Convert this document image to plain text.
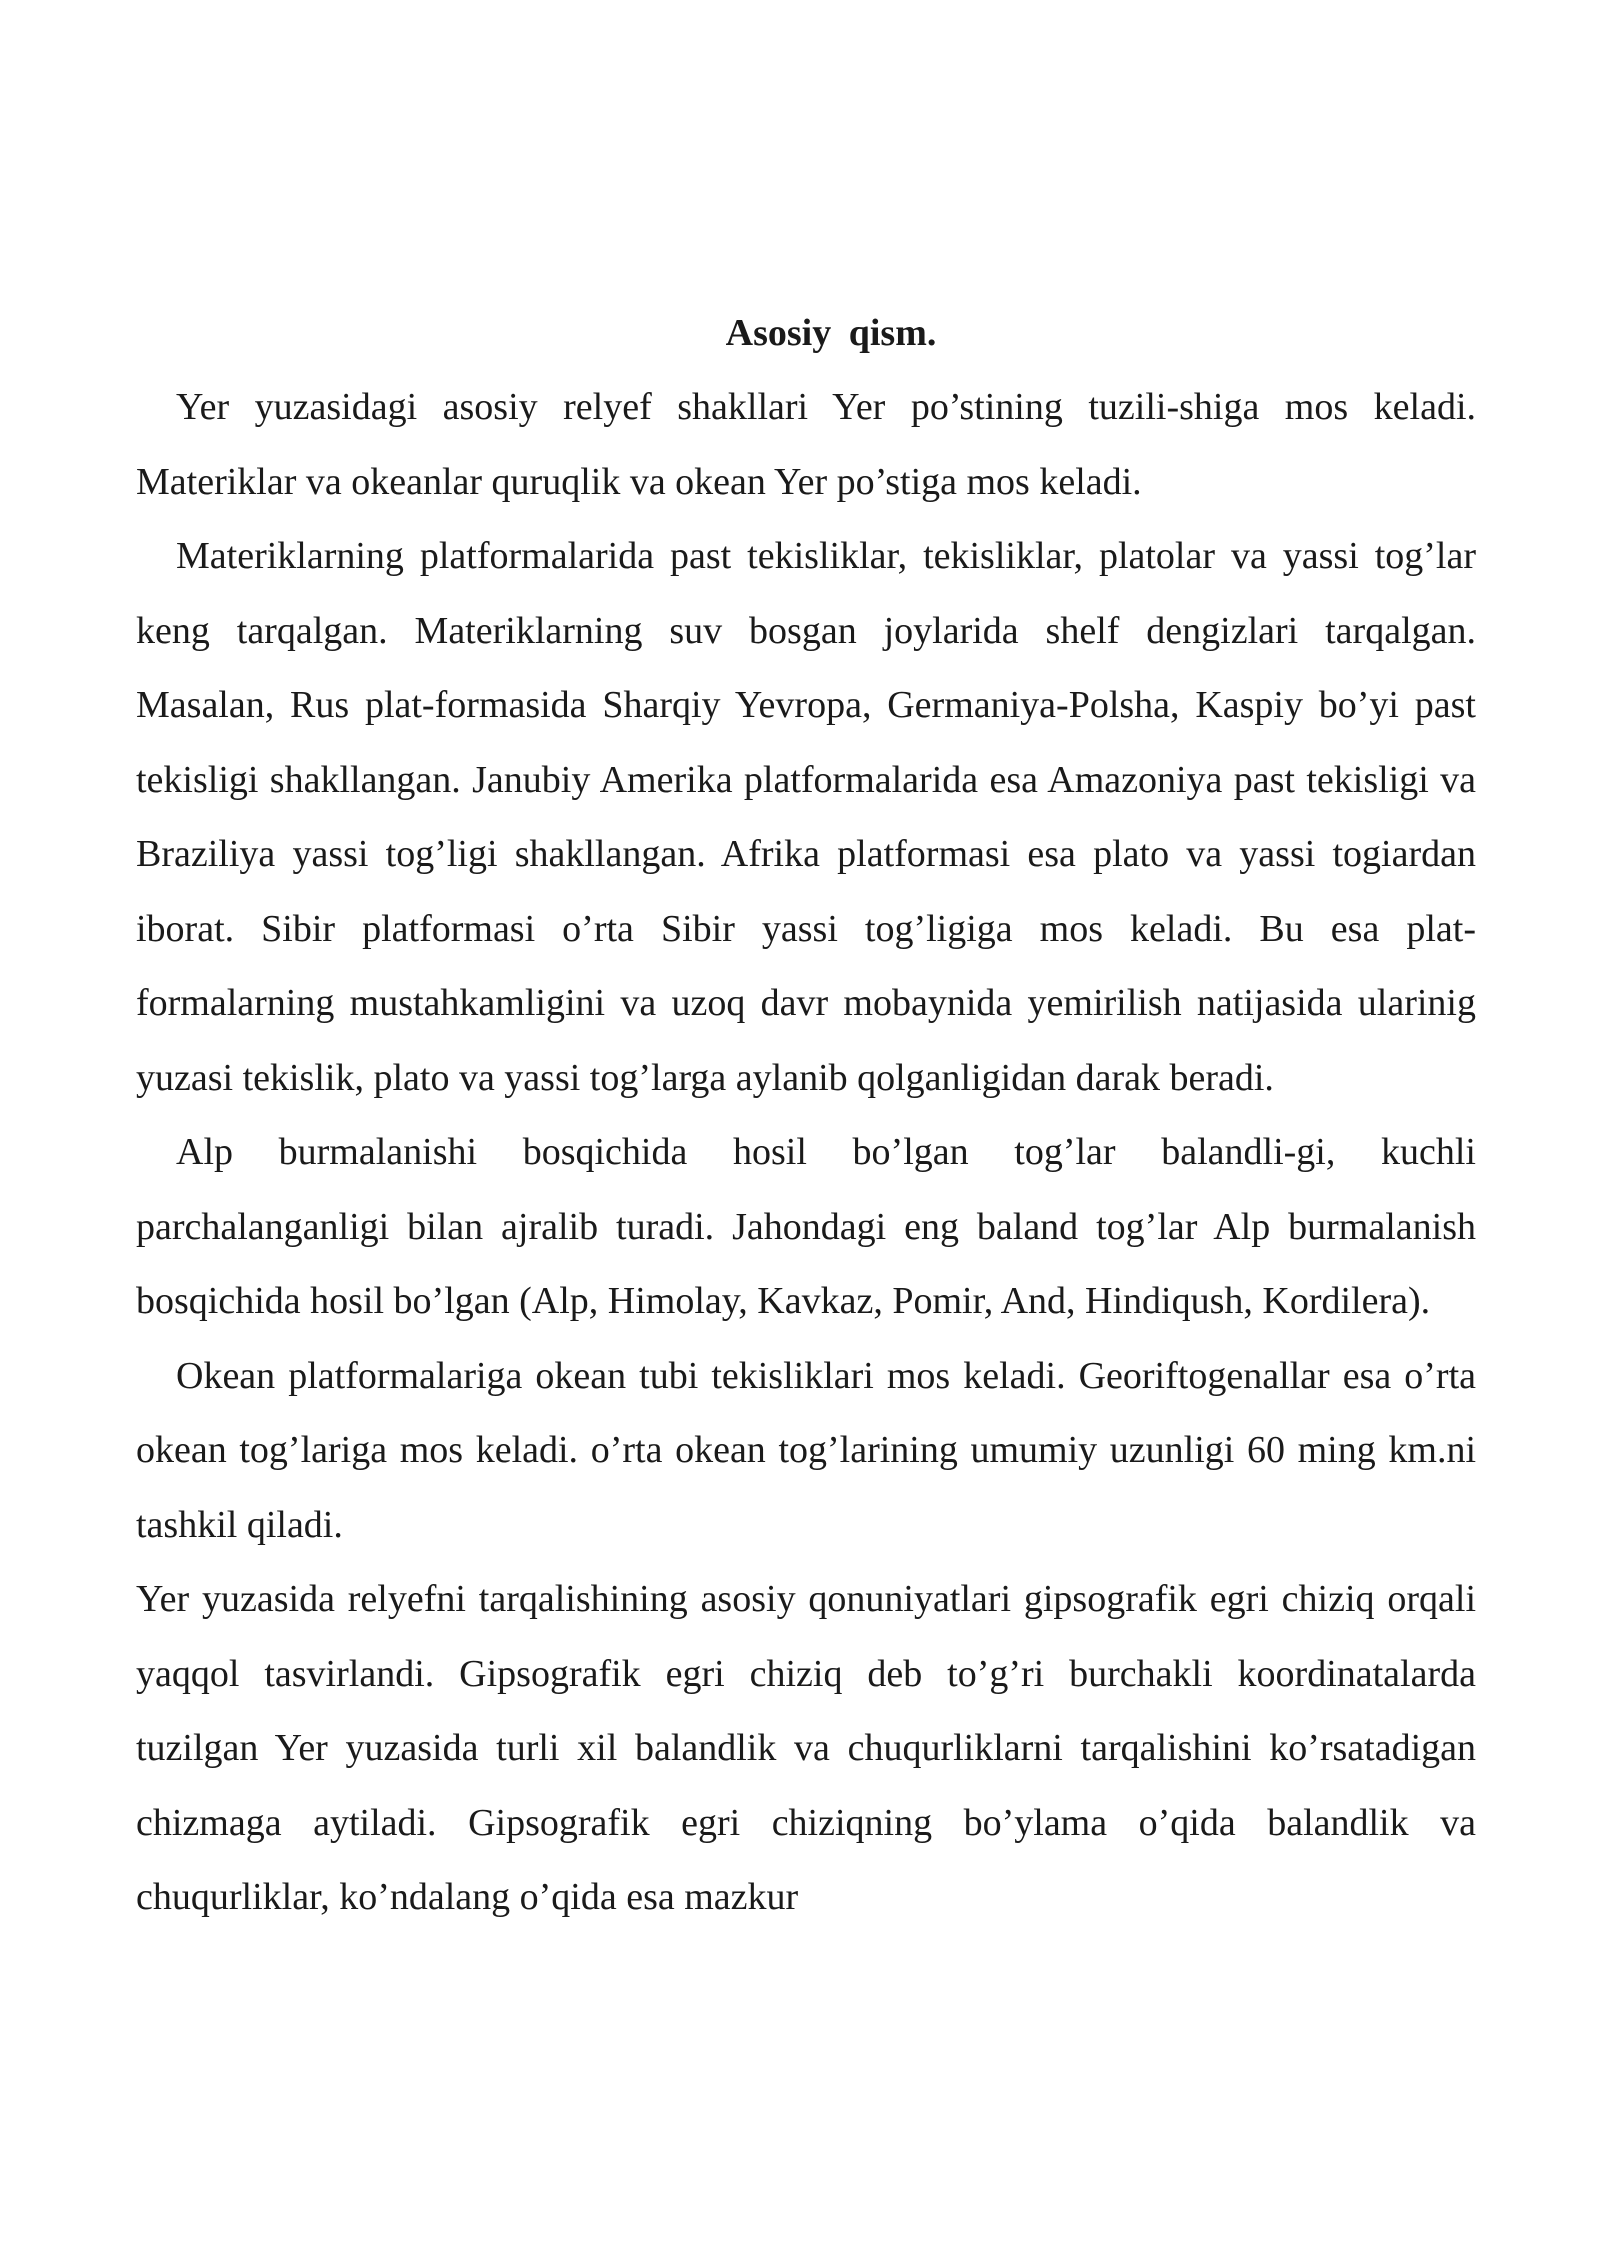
Asosiy qism.

Yer yuzasidagi asosiy relyef shakllari Yer po’stining tuzili-shiga mos keladi. Materiklar va okeanlar quruqlik va okean Yer po’stiga mos keladi.

Materiklarning platformalarida past tekisliklar, tekisliklar, platolar va yassi tog’lar keng tarqalgan. Materiklarning suv bosgan joylarida shelf dengizlari tarqalgan. Masalan, Rus plat-formasida Sharqiy Yevropa, Germaniya-Polsha, Kaspiy bo’yi past tekisligi shakllangan. Janubiy Amerika platformalarida esa Amazoniya past tekisligi va Braziliya yassi tog’ligi shakllangan. Afrika platformasi esa plato va yassi togiardan iborat. Sibir platformasi o’rta Sibir yassi tog’ligiga mos keladi. Bu esa plat-formalarning mustahkamligini va uzoq davr mobaynida yemirilish natijasida ularinig yuzasi tekislik, plato va yassi tog’larga aylanib qolganligidan darak beradi.

Alp burmalanishi bosqichida hosil bo’lgan tog’lar balandli-gi, kuchli parchalanganligi bilan ajralib turadi. Jahondagi eng baland tog’lar Alp burmalanish bosqichida hosil bo’lgan (Alp, Himolay, Kavkaz, Pomir, And, Hindiqush, Kordilera).

Okean platformalariga okean tubi tekisliklari mos keladi. Georiftogenallar esa o’rta okean tog’lariga mos keladi. o’rta okean tog’larining umumiy uzunligi 60 ming km.ni tashkil qiladi.

Yer yuzasida relyefni tarqalishining asosiy qonuniyatlari gipsografik egri chiziq orqali yaqqol tasvirlandi. Gipsografik egri chiziq deb to’g’ri burchakli koordinatalarda tuzilgan Yer yuzasida turli xil balandlik va chuqurliklarni tarqalishini ko’rsatadigan chizmaga aytiladi. Gipsografik egri chiziqning bo’ylama o’qida balandlik va chuqurliklar, ko’ndalang o’qida esa mazkur
